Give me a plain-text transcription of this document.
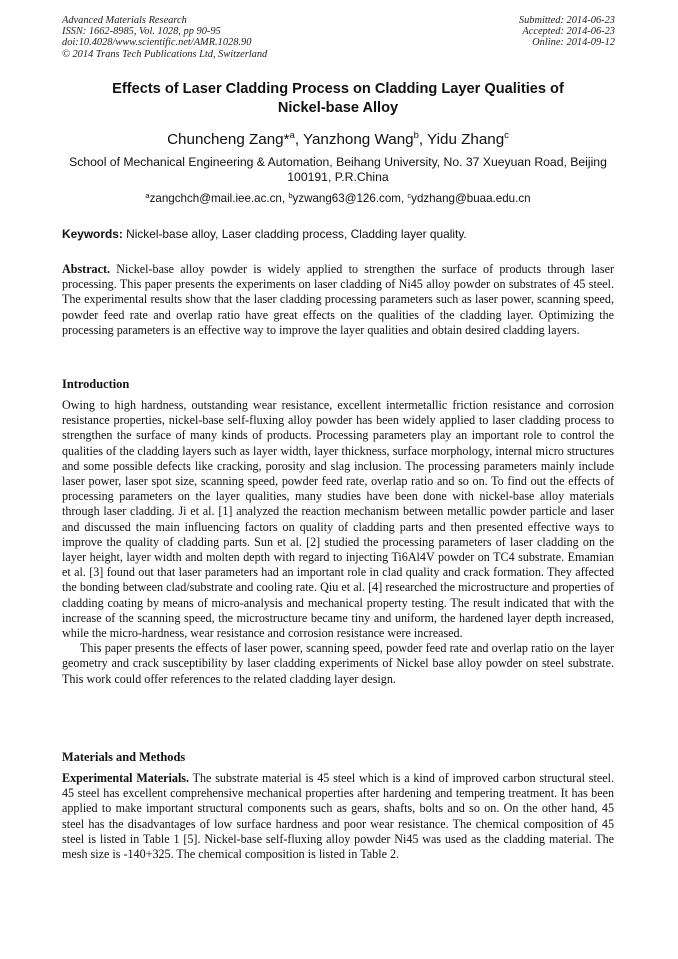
Advanced Materials Research
ISSN: 1662-8985, Vol. 1028, pp 90-95
doi:10.4028/www.scientific.net/AMR.1028.90
© 2014 Trans Tech Publications Ltd, Switzerland
Submitted: 2014-06-23
Accepted: 2014-06-23
Online: 2014-09-12
Effects of Laser Cladding Process on Cladding Layer Qualities of
Nickel-base Alloy
Chuncheng Zang*$^a$, Yanzhong Wang$^b$, Yidu Zhang$^c$
School of Mechanical Engineering & Automation, Beihang University, No. 37 Xueyuan Road, Beijing 100191, P.R.China
$^a$zangchch@mail.iee.ac.cn, $^b$yzwang63@126.com, $^c$ydzhang@buaa.edu.cn
Keywords: Nickel-base alloy, Laser cladding process, Cladding layer quality.

Abstract. Nickel-base alloy powder is widely applied to strengthen the surface of products through laser processing. This paper presents the experiments on laser cladding of Ni45 alloy powder on substrates of 45 steel. The experimental results show that the laser cladding processing parameters such as laser power, scanning speed, powder feed rate and overlap ratio have great effects on the qualities of the cladding layer. Optimizing the processing parameters is an effective way to improve the layer qualities and obtain desired cladding layers.

Introduction

Owing to high hardness, outstanding wear resistance, excellent intermetallic friction resistance and corrosion resistance properties, nickel-base self-fluxing alloy powder has been widely applied to laser cladding process to strengthen the surface of many kinds of products. Processing parameters play an important role to control the qualities of the cladding layers such as layer width, layer thickness, surface morphology, internal micro structures and some possible defects like cracking, porosity and slag inclusion. The processing parameters mainly include laser power, laser spot size, scanning speed, powder feed rate, overlap ratio and so on. To find out the effects of processing parameters on the layer qualities, many studies have been done with nickel-base alloy materials through laser cladding. Ji et al. [1] analyzed the reaction mechanism between metallic powder particle and laser and discussed the main influencing factors on quality of cladding parts and then presented effective ways to improve the quality of cladding parts. Sun et al. [2] studied the processing parameters of laser cladding on the layer height, layer width and molten depth with regard to injecting Ti6Al4V powder on TC4 substrate. Emamian et al. [3] found out that laser parameters had an important role in clad quality and crack formation. They affected the bonding between clad/substrate and cooling rate. Qiu et al. [4] researched the microstructure and properties of cladding coating by means of micro-analysis and mechanical property testing. The result indicated that with the increase of the scanning speed, the microstructure became tiny and uniform, the hardened layer depth increased, while the micro-hardness, wear resistance and corrosion resistance were increased.

This paper presents the effects of laser power, scanning speed, powder feed rate and overlap ratio on the layer geometry and crack susceptibility by laser cladding experiments of Nickel base alloy powder on steel substrate. This work could offer references to the related cladding layer design.

Materials and Methods

Experimental Materials. The substrate material is 45 steel which is a kind of improved carbon structural steel. 45 steel has excellent comprehensive mechanical properties after hardening and tempering treatment. It has been applied to make important structural components such as gears, shafts, bolts and so on. On the other hand, 45 steel has the disadvantages of low surface hardness and poor wear resistance. The chemical composition of 45 steel is listed in Table 1 [5]. Nickel-base self-fluxing alloy powder Ni45 was used as the cladding material. The mesh size is -140+325. The chemical composition is listed in Table 2.
